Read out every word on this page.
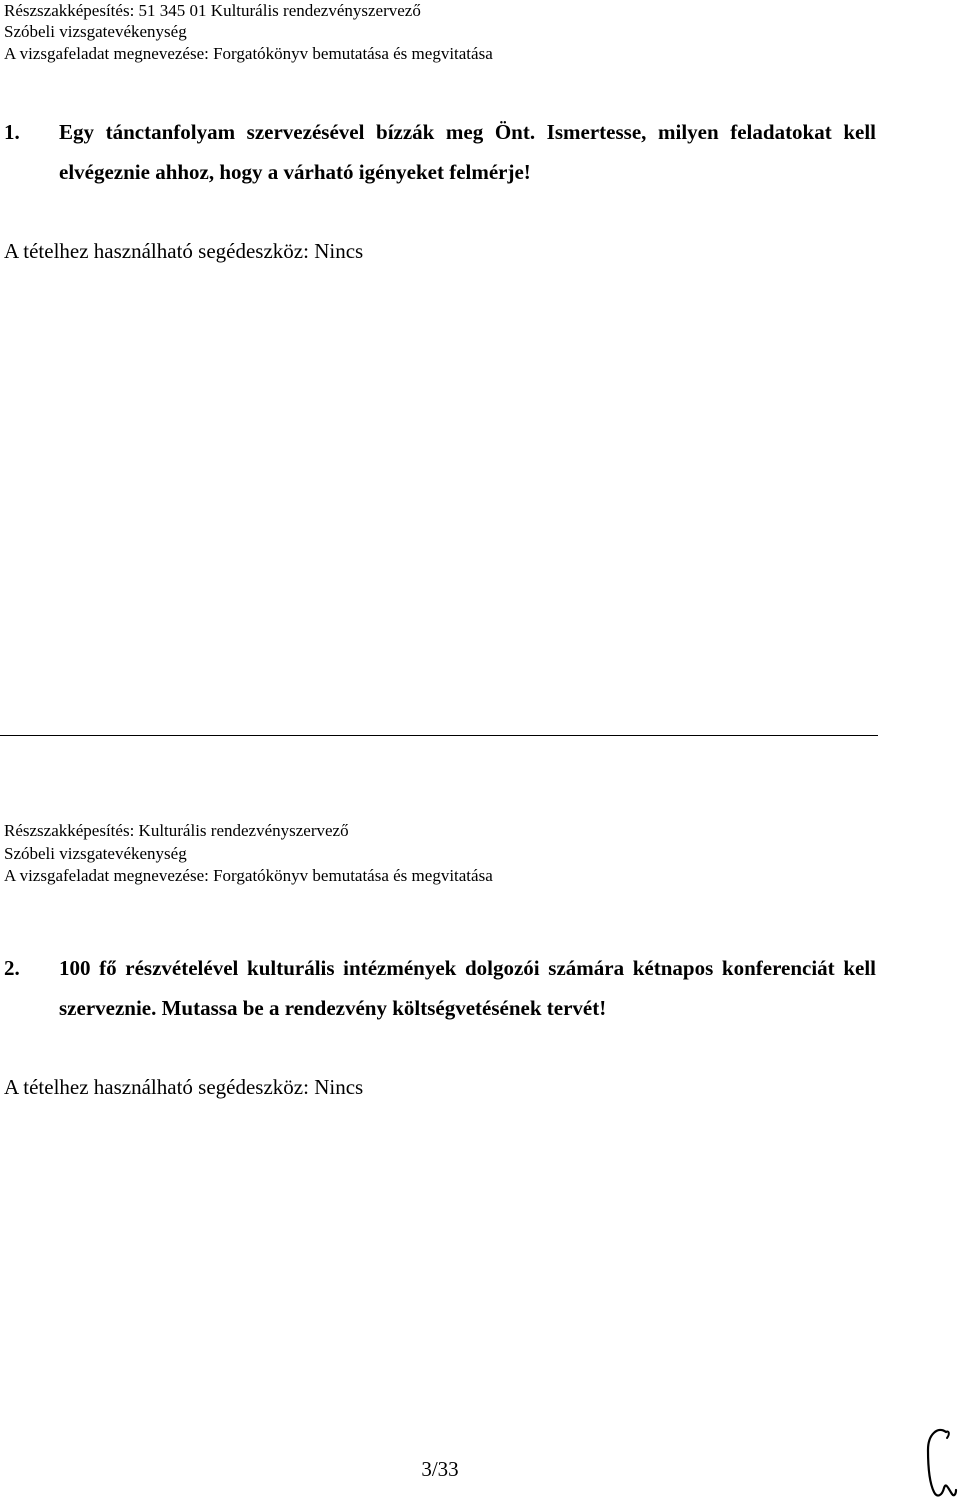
Részszakképesítés: 51 345 01 Kulturális rendezvényszervező
Szóbeli vizsgatevékenység
A vizsgafeladat megnevezése: Forgatókönyv bemutatása és megvitatása
1. Egy tánctanfolyam szervezésével bízzák meg Önt. Ismertesse, milyen feladatokat kell elvégeznie ahhoz, hogy a várható igényeket felmérje!
A tételhez használható segédeszköz: Nincs
Részszakképesítés: Kulturális rendezvényszervező
Szóbeli vizsgatevékenység
A vizsgafeladat megnevezése: Forgatókönyv bemutatása és megvitatása
2. 100 fő részvételével kulturális intézmények dolgozói számára kétnapos konferenciát kell szerveznie. Mutassa be a rendezvény költségvetésének tervét!
A tételhez használható segédeszköz: Nincs
3/33
